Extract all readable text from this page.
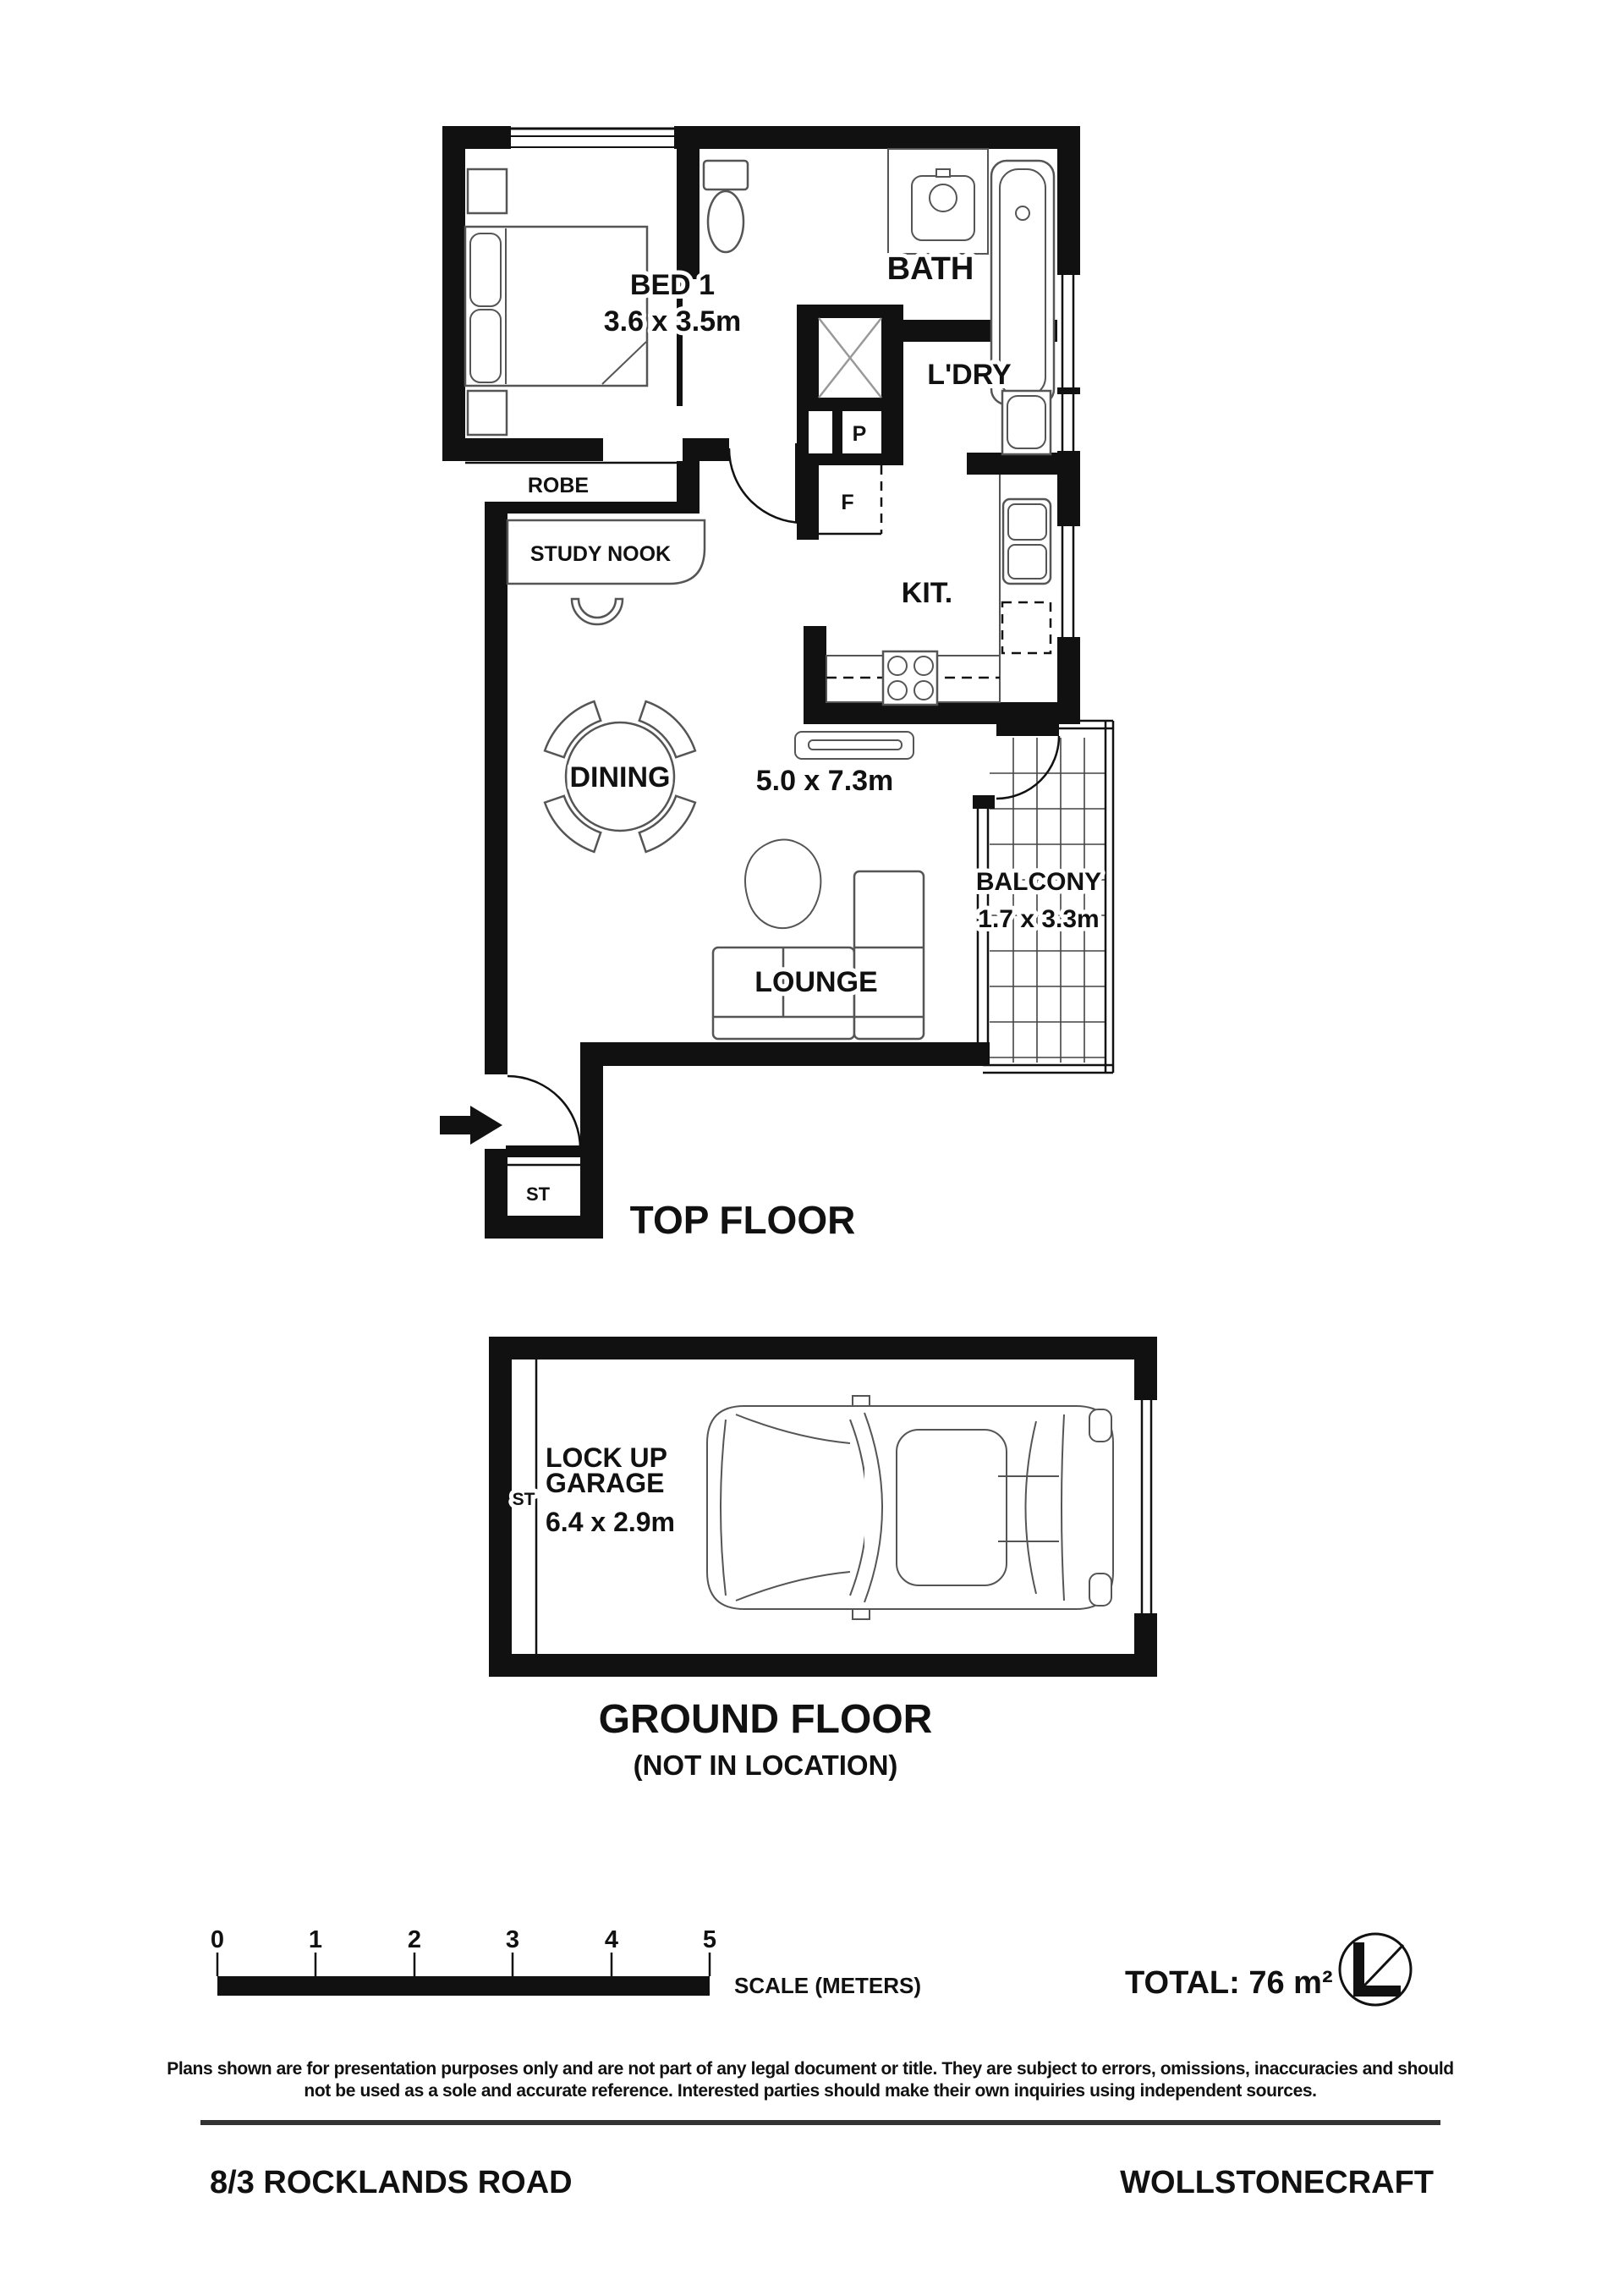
BED 1
3.6 x 3.5m
BATH
L'DRY
ROBE
STUDY NOOK
P
F
KIT.
DINING	5.0 x 7.3m
LOUNGE
BALCONY
1.7 x 3.3m
ST
TOP FLOOR
ST
LOCK UP
GARAGE
6.4 x 2.9m
GROUND FLOOR
(NOT IN LOCATION)
0	1	2	3	4	5
SCALE (METERS)	TOTAL: 76 m²
Plans shown are for presentation purposes only and are not part of any legal document or title. They are subject to errors, omissions, inaccuracies and should
not be used as a sole and accurate reference. Interested parties should make their own inquiries using independent sources.
8/3 ROCKLANDS ROAD	WOLLSTONECRAFT
